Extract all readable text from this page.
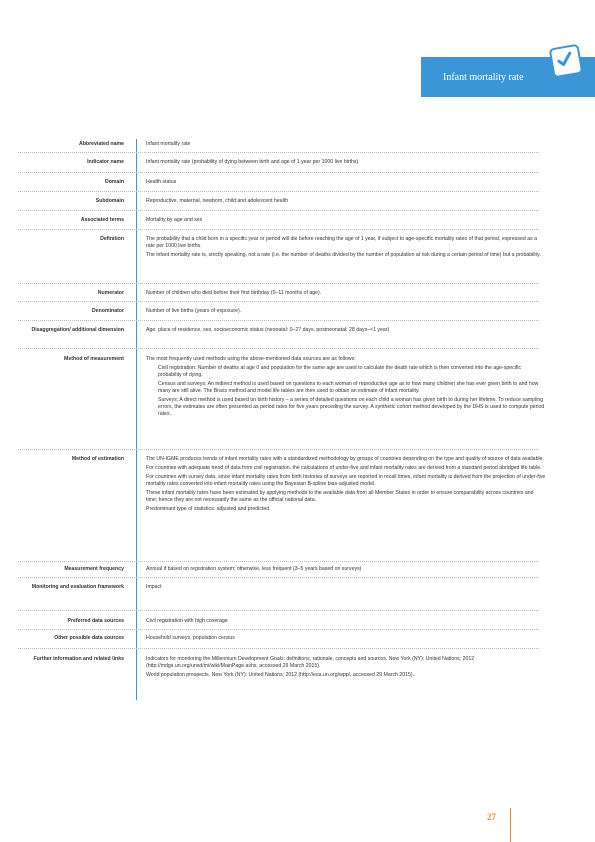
Infant mortality rate
Abbreviated name	Infant mortality rate

Indicator name	Infant mortality rate (probability of dying between birth and age of 1 year per 1000 live births)

Domain	Health status

Subdomain	Reproductive, maternal, newborn, child and adolescent health

Associated terms	Mortality by age and sex

Definition	The probability that a child born in a specific year or period will die before reaching the age of 1 year, if subject to age-specific mortality rates of that period, expressed as a rate per 1000 live births.

The infant mortality rate is, strictly speaking, not a rate (i.e. the number of deaths divided by the number of population at risk during a certain period of time) but a probability.

Numerator	Number of children who died before their first birthday (0–11 months of age).

Denominator	Number of live births (years of exposure).

Disaggregation/ additional dimension	Age, place of residence, sex, socioeconomic status (neonatal: 0–27 days, postneonatal: 28 days–<1 year)

Method of measurement	The most frequently used methods using the above-mentioned data sources are as follows:

Civil registration: Number of deaths at age 0 and population for the same age are used to calculate the death rate which is then converted into the age-specific probability of dying.

Census and surveys: An indirect method is used based on questions to each woman of reproductive age as to how many children she has ever given birth to and how many are still alive. The Brass method and model life tables are then used to obtain an estimate of infant mortality.

Surveys: A direct method is used based on birth history – a series of detailed questions on each child a woman has given birth to during her lifetime. To reduce sampling errors, the estimates are often presented as period rates for five years preceding the survey. A synthetic cohort method developed by the DHS is used to compute period rates.

Method of estimation	The UN-IGME produces trends of infant mortality rates with a standardized methodology by groups of countries depending on the type and quality of source of data available.

For countries with adequate trend of data from civil registration, the calculations of under-five and infant mortality rates are derived from a standard period abridged life table.

For countries with survey data, since infant mortality rates from birth histories of surveys are reported in recall times, infant mortality is derived from the projection of under-five mortality rates converted into infant mortality rates using the Bayesian B-spline bias-adjusted model.

These infant mortality rates have been estimated by applying methods to the available data from all Member States in order to ensure comparability across countries and time; hence they are not necessarily the same as the official national data.

Predominant type of statistics: adjusted and predicted.

Measurement frequency	Annual if based on registration system; otherwise, less frequent (3–5 years based on surveys)

Monitoring and evaluation framework	Impact

Preferred data sources	Civil registration with high coverage

Other possible data sources	Household surveys, population census

Further information and related links	Indicators for monitoring the Millennium Development Goals: definitions, rationale, concepts and sources. New York (NY): United Nations; 2012 (http://mdgs.un.org/unsd/mi/wiki/MainPage.ashx, accessed 29 March 2015).

World population prospects. New York (NY): United Nations; 2012 (http://esa.un.org/wpp/, accessed 29 March 2015).

27
